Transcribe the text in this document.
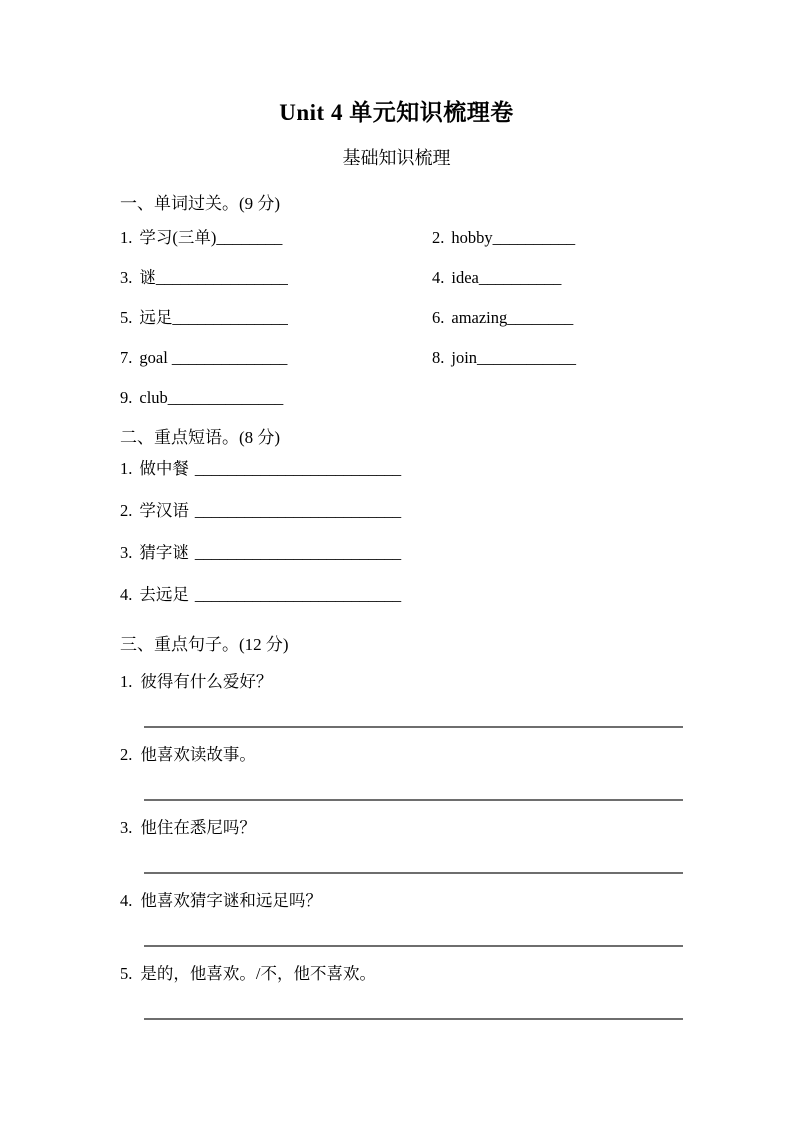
Unit 4 单元知识梳理卷
基础知识梳理
一、单词过关。(9 分)
1. 学习(三单)________	2. hobby__________
3. 谜________________	4. idea__________
5. 远足______________	6. amazing________
7. goal ______________	8. join____________
9. club______________
二、重点短语。(8 分)
1. 做中餐 _________________________
2. 学汉语 _________________________
3. 猜字谜 _________________________
4. 去远足 _________________________
三、重点句子。(12 分)
1. 彼得有什么爱好？
2. 他喜欢读故事。
3. 他住在悉尼吗？
4. 他喜欢猜字谜和远足吗？
5. 是的，他喜欢。/不，他不喜欢。
